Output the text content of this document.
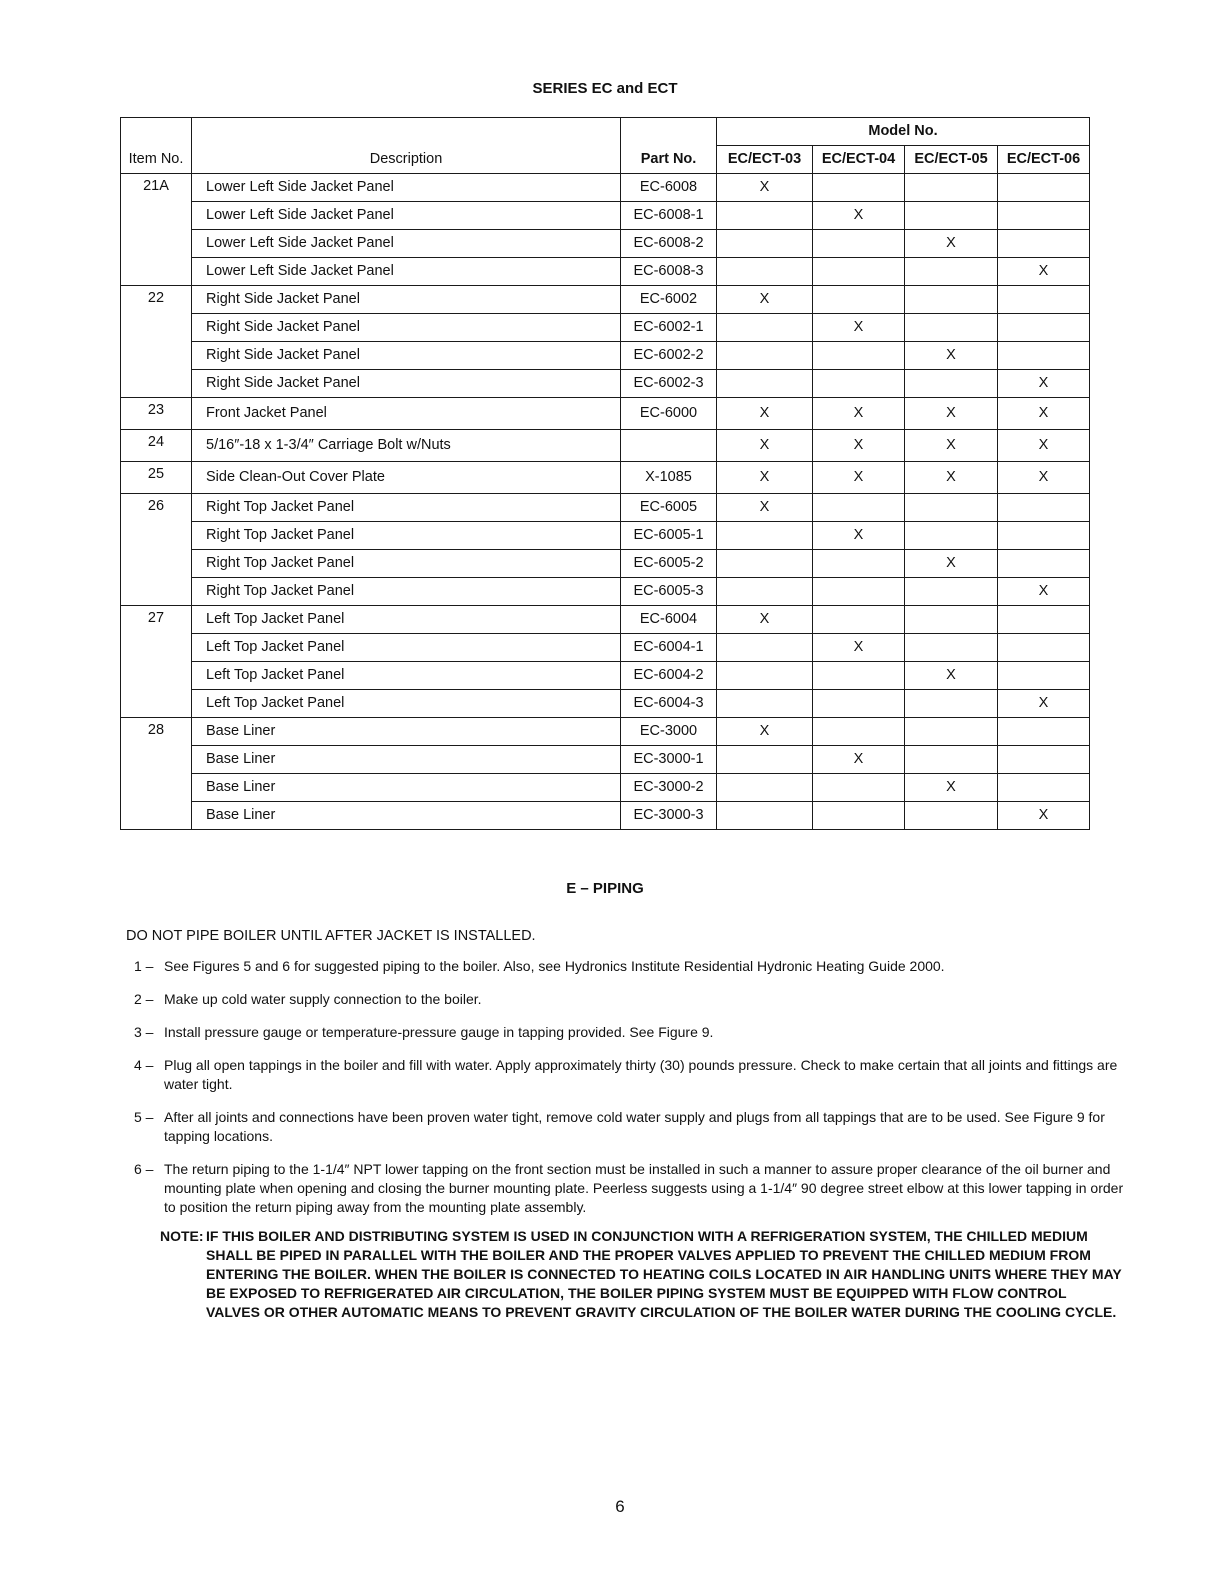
SERIES EC and ECT
			Model No.			
Item No.	Description	Part No.	EC/ECT-03	EC/ECT-04	EC/ECT-05	EC/ECT-06
21A	Lower Left Side Jacket Panel	EC-6008	X			
	Lower Left Side Jacket Panel	EC-6008-1		X		
	Lower Left Side Jacket Panel	EC-6008-2			X	
	Lower Left Side Jacket Panel	EC-6008-3				X
22	Right Side Jacket Panel	EC-6002	X			
	Right Side Jacket Panel	EC-6002-1		X		
	Right Side Jacket Panel	EC-6002-2			X	
	Right Side Jacket Panel	EC-6002-3				X
23	Front Jacket Panel	EC-6000	X	X	X	X
24	5/16″-18 x 1-3/4″ Carriage Bolt w/Nuts		X	X	X	X
25	Side Clean-Out Cover Plate	X-1085	X	X	X	X
26	Right Top Jacket Panel	EC-6005	X			
	Right Top Jacket Panel	EC-6005-1		X		
	Right Top Jacket Panel	EC-6005-2			X	
	Right Top Jacket Panel	EC-6005-3				X
27	Left Top Jacket Panel	EC-6004	X			
	Left Top Jacket Panel	EC-6004-1		X		
	Left Top Jacket Panel	EC-6004-2			X	
	Left Top Jacket Panel	EC-6004-3				X
28	Base Liner	EC-3000	X			
	Base Liner	EC-3000-1		X		
	Base Liner	EC-3000-2			X	
	Base Liner	EC-3000-3				X
E – PIPING
DO NOT PIPE BOILER UNTIL AFTER JACKET IS INSTALLED.
1 – See Figures 5 and 6 for suggested piping to the boiler. Also, see Hydronics Institute Residential Hydronic Heating Guide 2000.
2 – Make up cold water supply connection to the boiler.
3 – Install pressure gauge or temperature-pressure gauge in tapping provided. See Figure 9.
4 – Plug all open tappings in the boiler and fill with water. Apply approximately thirty (30) pounds pressure. Check to make certain that all joints and fittings are water tight.
5 – After all joints and connections have been proven water tight, remove cold water supply and plugs from all tappings that are to be used. See Figure 9 for tapping locations.
6 – The return piping to the 1-1/4″ NPT lower tapping on the front section must be installed in such a manner to assure proper clearance of the oil burner and mounting plate when opening and closing the burner mounting plate. Peerless suggests using a 1-1/4″ 90 degree street elbow at this lower tapping in order to position the return piping away from the mounting plate assembly.
NOTE: IF THIS BOILER AND DISTRIBUTING SYSTEM IS USED IN CONJUNCTION WITH A REFRIGERATION SYSTEM, THE CHILLED MEDIUM SHALL BE PIPED IN PARALLEL WITH THE BOILER AND THE PROPER VALVES APPLIED TO PREVENT THE CHILLED MEDIUM FROM ENTERING THE BOILER. WHEN THE BOILER IS CONNECTED TO HEATING COILS LOCATED IN AIR HANDLING UNITS WHERE THEY MAY BE EXPOSED TO REFRIGERATED AIR CIRCULATION, THE BOILER PIPING SYSTEM MUST BE EQUIPPED WITH FLOW CONTROL VALVES OR OTHER AUTOMATIC MEANS TO PREVENT GRAVITY CIRCULATION OF THE BOILER WATER DURING THE COOLING CYCLE.
6
